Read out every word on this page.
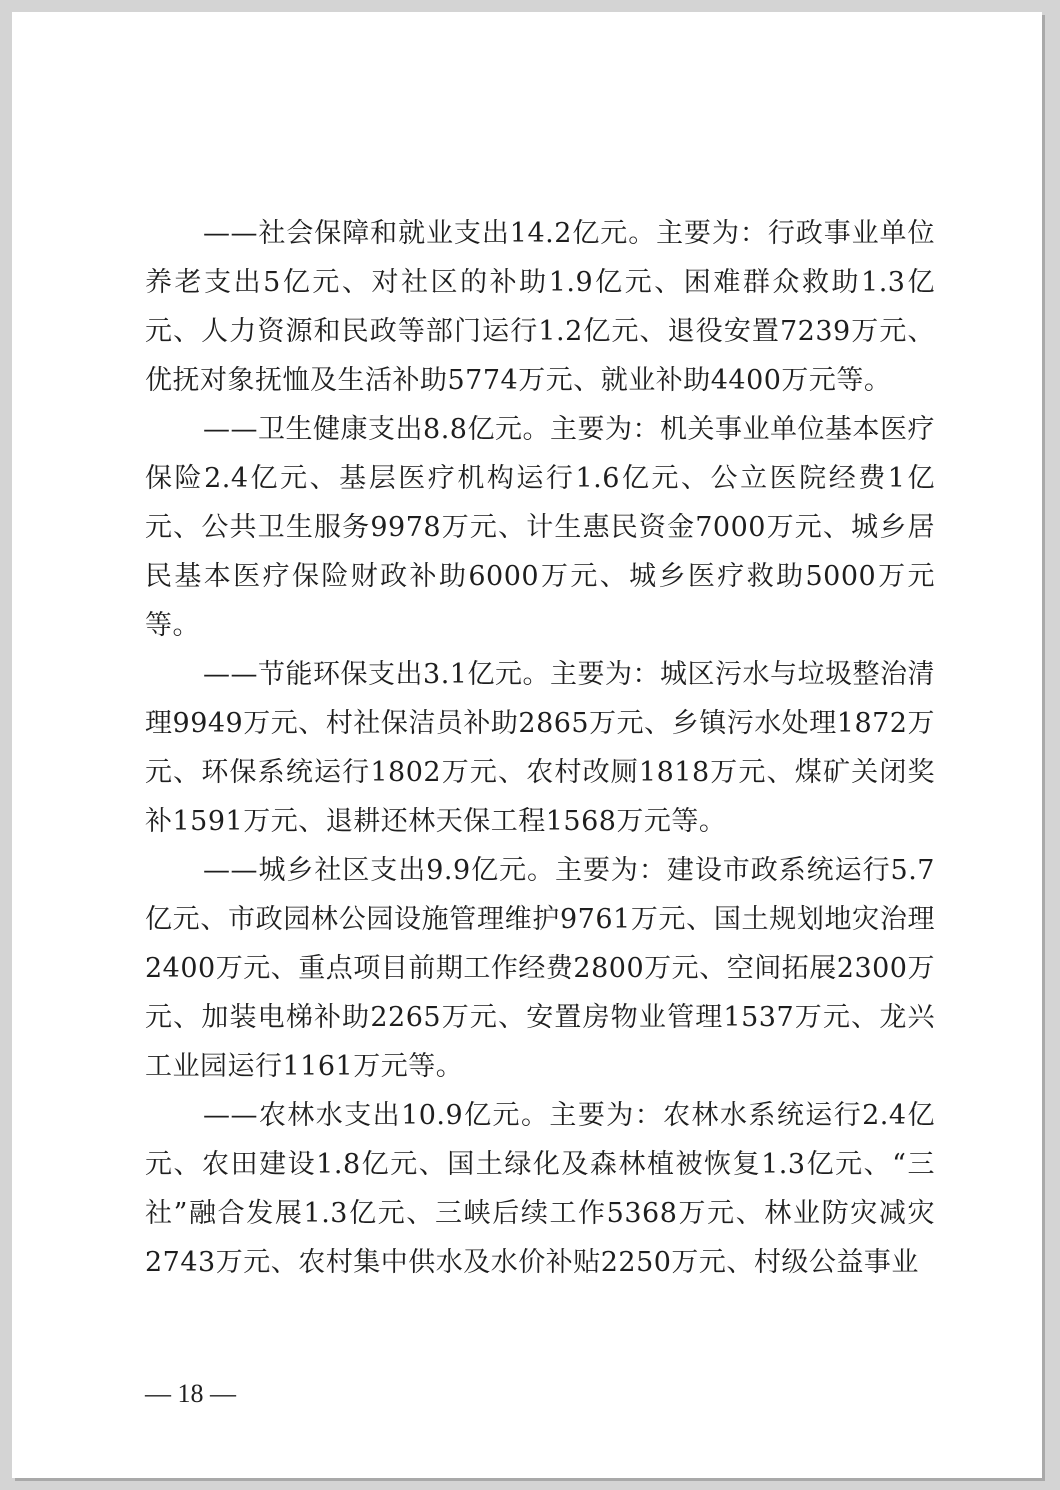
——社会保障和就业支出14.2亿元。主要为：行政事业单位养老支出5亿元、对社区的补助1.9亿元、困难群众救助1.3亿元、人力资源和民政等部门运行1.2亿元、退役安置7239万元、优抚对象抚恤及生活补助5774万元、就业补助4400万元等。

——卫生健康支出8.8亿元。主要为：机关事业单位基本医疗保险2.4亿元、基层医疗机构运行1.6亿元、公立医院经费1亿元、公共卫生服务9978万元、计生惠民资金7000万元、城乡居民基本医疗保险财政补助6000万元、城乡医疗救助5000万元等。

——节能环保支出3.1亿元。主要为：城区污水与垃圾整治清理9949万元、村社保洁员补助2865万元、乡镇污水处理1872万元、环保系统运行1802万元、农村改厕1818万元、煤矿关闭奖补1591万元、退耕还林天保工程1568万元等。

——城乡社区支出9.9亿元。主要为：建设市政系统运行5.7亿元、市政园林公园设施管理维护9761万元、国土规划地灾治理2400万元、重点项目前期工作经费2800万元、空间拓展2300万元、加装电梯补助2265万元、安置房物业管理1537万元、龙兴工业园运行1161万元等。

——农林水支出10.9亿元。主要为：农林水系统运行2.4亿元、农田建设1.8亿元、国土绿化及森林植被恢复1.3亿元、“三社”融合发展1.3亿元、三峡后续工作5368万元、林业防灾减灾2743万元、农村集中供水及水价补贴2250万元、村级公益事业

— 18 —
